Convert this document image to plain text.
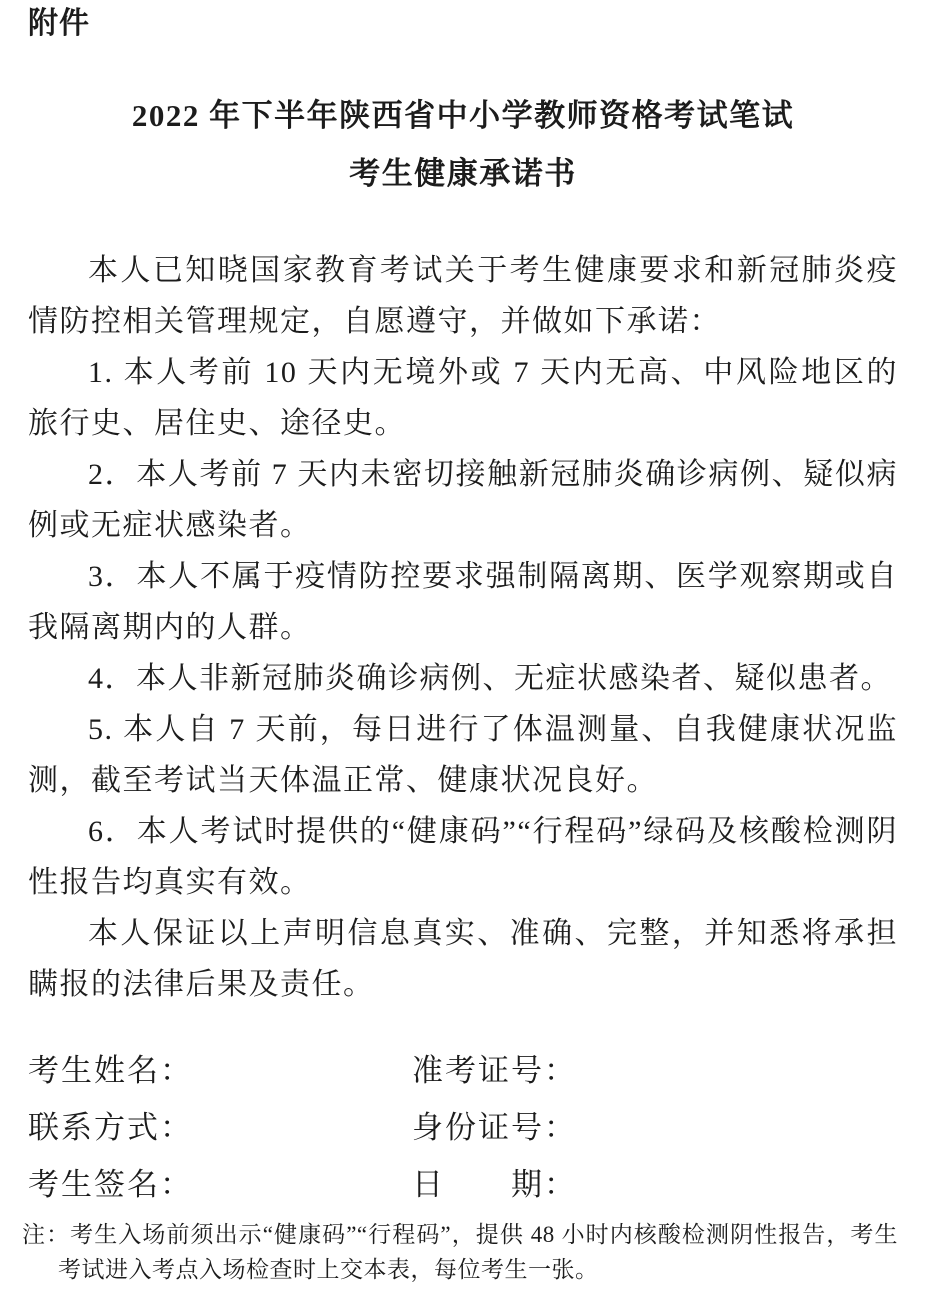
附件
2022 年下半年陕西省中小学教师资格考试笔试
考生健康承诺书

本人已知晓国家教育考试关于考生健康要求和新冠肺炎疫情防控相关管理规定，自愿遵守，并做如下承诺：

1. 本人考前 10 天内无境外或 7 天内无高、中风险地区的旅行史、居住史、途径史。

2．本人考前 7 天内未密切接触新冠肺炎确诊病例、疑似病例或无症状感染者。

3．本人不属于疫情防控要求强制隔离期、医学观察期或自我隔离期内的人群。

4．本人非新冠肺炎确诊病例、无症状感染者、疑似患者。

5. 本人自 7 天前，每日进行了体温测量、自我健康状况监测，截至考试当天体温正常、健康状况良好。

6．本人考试时提供的“健康码”“行程码”绿码及核酸检测阴性报告均真实有效。

本人保证以上声明信息真实、准确、完整，并知悉将承担瞒报的法律后果及责任。

考生姓名：	准考证号：
联系方式：	身份证号：
考生签名：	日　　期：
注：考生入场前须出示“健康码”“行程码”，提供 48 小时内核酸检测阴性报告，考生考试进入考点入场检查时上交本表，每位考生一张。
